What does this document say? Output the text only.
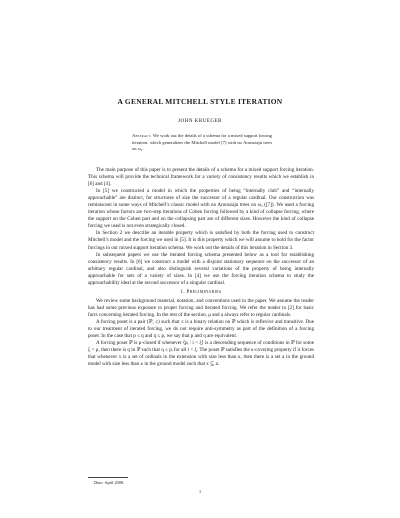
A GENERAL MITCHELL STYLE ITERATION
JOHN KRUEGER
Abstract. We work out the details of a schema for a mixed support forcing iteration, which generalizes the Mitchell model [7] with no Aronszajn trees on ω₂.

The main purpose of this paper is to present the details of a schema for a mixed support forcing iteration. This schema will provide the technical framework for a variety of consistency results which we establish in [6] and [4].

In [5] we constructed a model in which the properties of being “internally club” and “internally approachable” are distinct, for structures of size the successor of a regular cardinal. Our construction was reminiscent in some ways of Mitchell’s classic model with no Aronszajn trees on ω₂ ([7]). We used a forcing iteration whose factors are two-step iterations of Cohen forcing followed by a kind of collapse forcing, where the support on the Cohen part and on the collapsing part are of different sizes. However the kind of collapse forcing we used is not even strategically closed.

In Section 2 we describe an iterable property which is satisfied by both the forcing used to construct Mitchell’s model and the forcing we used in [5]. It is this property which we will assume to hold for the factor forcings in our mixed support iteration schema. We work out the details of this iteration in Section 3.

In subsequent papers we use the iterated forcing schema presented below as a tool for establishing consistency results. In [6] we construct a model with a disjoint stationary sequence on the successor of an arbitrary regular cardinal, and also distinguish several variations of the property of being internally approachable for sets of a variety of sizes. In [4] we use the forcing iteration schema to study the approachability ideal at the second successor of a singular cardinal.

1. Preliminaries

We review some background material, notation, and conventions used in the paper. We assume the reader has had some previous exposure to proper forcing and iterated forcing. We refer the reader to [2] for basic facts concerning iterated forcing. In the rest of the section, μ and a always refer to regular cardinals.

A forcing poset is a pair (ℙ, ≤) such that ≤ is a binary relation on ℙ which is reflexive and transitive. Due to our treatment of iterated forcing, we do not require anti-symmetry as part of the definition of a forcing poset. In the case that p ≤ q and q ≤ p, we say that p and q are equivalent.

A forcing poset ℙ is μ-closed if whenever ⟨pᵢ : i < ξ⟩ is a descending sequence of conditions in ℙ for some ξ < μ, then there is q in ℙ such that q ≤ pᵢ for all i < ξ. The poset ℙ satisfies the κ-covering property if it forces that whenever x is a set of ordinals in the extension with size less than κ, then there is a set a in the ground model with size less than κ in the ground model such that x ⊆ a.

Date: April 2008.
1
